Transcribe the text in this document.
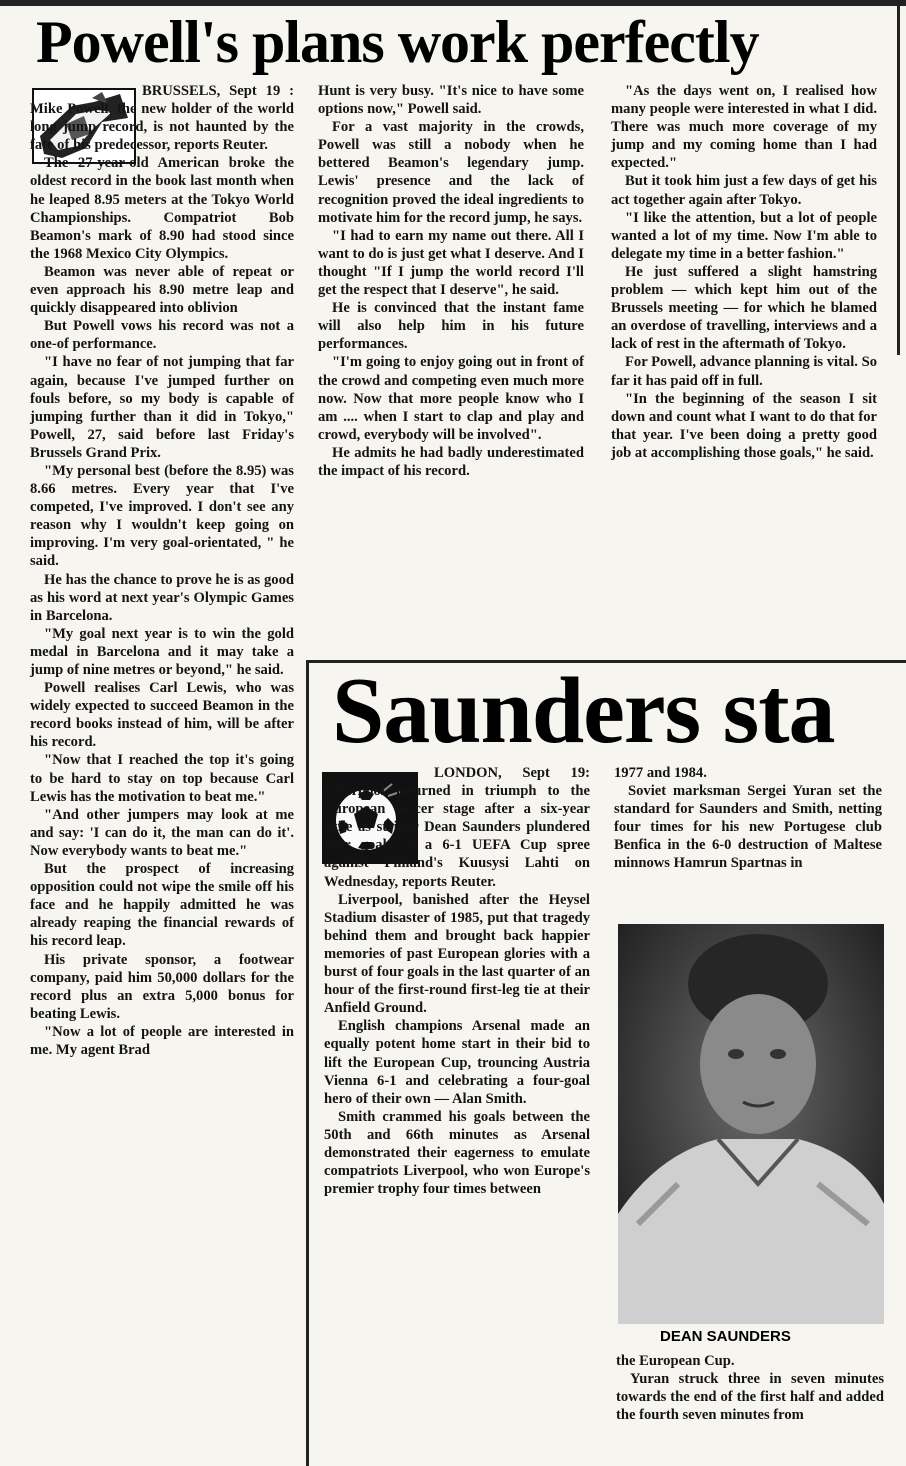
Powell's plans work perfectly

BRUSSELS, Sept 19 : Mike Powell, the new holder of the world long jump record, is not haunted by the fate of his predecessor, reports Reuter.

The 27-year-old American broke the oldest record in the book last month when he leaped 8.95 meters at the Tokyo World Championships. Compatriot Bob Beamon's mark of 8.90 had stood since the 1968 Mexico City Olympics.

Beamon was never able of repeat or even approach his 8.90 metre leap and quickly disappeared into oblivion

But Powell vows his record was not a one-of performance.

"I have no fear of not jumping that far again, because I've jumped further on fouls before, so my body is capable of jumping further than it did in Tokyo," Powell, 27, said before last Friday's Brussels Grand Prix.

"My personal best (before the 8.95) was 8.66 metres. Every year that I've competed, I've improved. I don't see any reason why I wouldn't keep going on improving. I'm very goal-orientated, " he said.

He has the chance to prove he is as good as his word at next year's Olympic Games in Barcelona.

"My goal next year is to win the gold medal in Barcelona and it may take a jump of nine metres or beyond," he said.

Powell realises Carl Lewis, who was widely expected to succeed Beamon in the record books instead of him, will be after his record.

"Now that I reached the top it's going to be hard to stay on top because Carl Lewis has the motivation to beat me."

"And other jumpers may look at me and say: 'I can do it, the man can do it'. Now everybody wants to beat me."

But the prospect of increasing opposition could not wipe the smile off his face and he happily admitted he was already reaping the financial rewards of his record leap.

His private sponsor, a footwear company, paid him 50,000 dollars for the record plus an extra 5,000 bonus for beating Lewis.

"Now a lot of people are interested in me. My agent Brad

Hunt is very busy. "It's nice to have some options now," Powell said.

For a vast majority in the crowds, Powell was still a nobody when he bettered Beamon's legendary jump. Lewis' presence and the lack of recognition proved the ideal ingredients to motivate him for the record jump, he says.

"I had to earn my name out there. All I want to do is just get what I deserve. And I thought "If I jump the world record I'll get the respect that I deserve", he said.

He is convinced that the instant fame will also help him in his future performances.

"I'm going to enjoy going out in front of the crowd and competing even much more now. Now that more people know who I am .... when I start to clap and play and crowd, everybody will be involved".

He admits he had badly underestimated the impact of his record.

"As the days went on, I realised how many people were interested in what I did. There was much more coverage of my jump and my coming home than I had expected."

But it took him just a few days of get his act together again after Tokyo.

"I like the attention, but a lot of people wanted a lot of my time. Now I'm able to delegate my time in a better fashion."

He just suffered a slight hamstring problem — which kept him out of the Brussels meeting — for which he blamed an overdose of travelling, interviews and a lack of rest in the aftermath of Tokyo.

For Powell, advance planning is vital. So far it has paid off in full.

"In the beginning of the season I sit down and count what I want to do that for that year. I've been doing a pretty good job at accomplishing those goals," he said.

Saunders sta

LONDON, Sept 19: Liverpool returned in triumph to the European soccer stage after a six-year exile as striker Dean Saunders plundered four goals in a 6-1 UEFA Cup spree against Finland's Kuusysi Lahti on Wednesday, reports Reuter.

Liverpool, banished after the Heysel Stadium disaster of 1985, put that tragedy behind them and brought back happier memories of past European glories with a burst of four goals in the last quarter of an hour of the first-round first-leg tie at their Anfield Ground.

English champions Arsenal made an equally potent home start in their bid to lift the European Cup, trouncing Austria Vienna 6-1 and celebrating a four-goal hero of their own — Alan Smith.

Smith crammed his goals between the 50th and 66th minutes as Arsenal demonstrated their eagerness to emulate compatriots Liverpool, who won Europe's premier trophy four times between

1977 and 1984.

Soviet marksman Sergei Yuran set the standard for Saunders and Smith, netting four times for his new Portugese club Benfica in the 6-0 destruction of Maltese minnows Hamrun Spartnas in

DEAN SAUNDERS

the European Cup.

Yuran struck three in seven minutes towards the end of the first half and added the fourth seven minutes from
